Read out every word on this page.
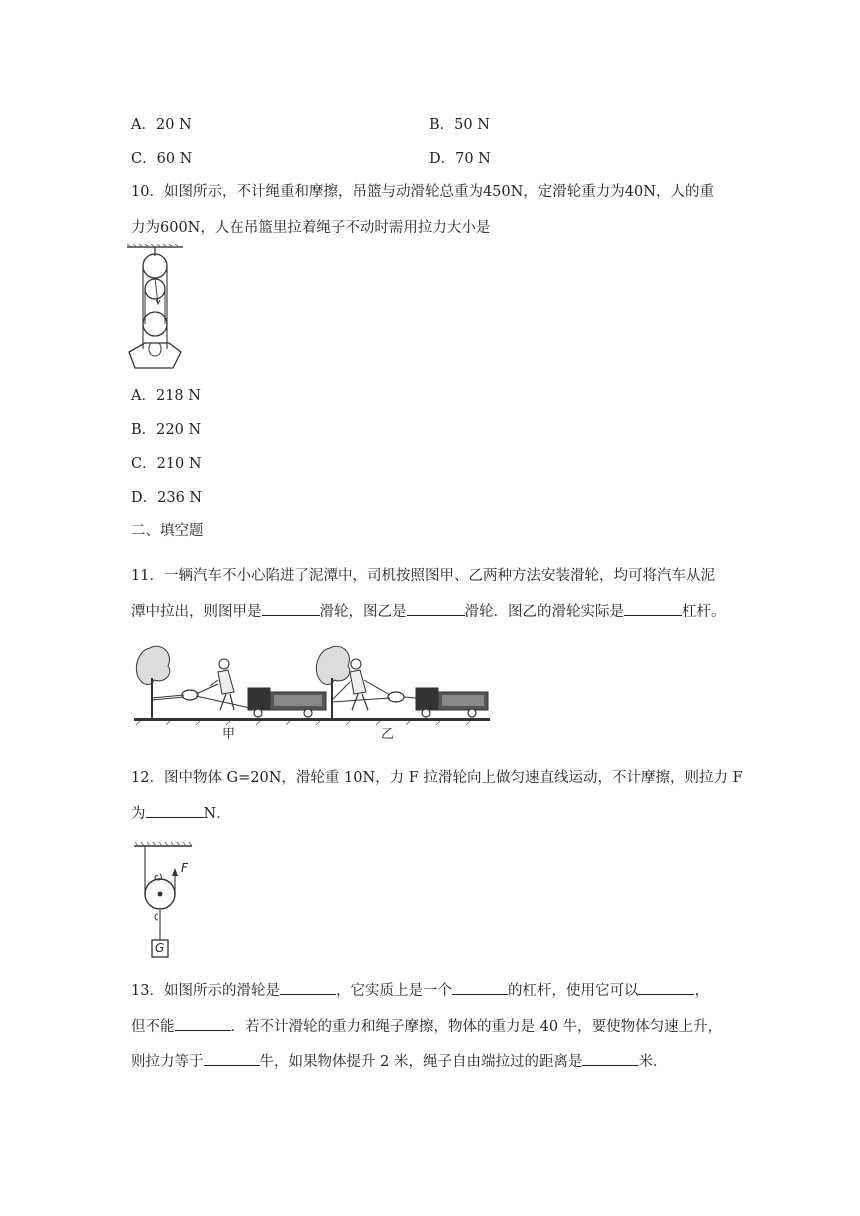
A．20 N	B．50 N
C．60 N	D．70 N
10．如图所示，不计绳重和摩擦，吊篮与动滑轮总重为450N，定滑轮重力为40N，人的重
力为600N，人在吊篮里拉着绳子不动时需用拉力大小是
A．218 N
B．220 N
C．210 N
D．236 N
二、填空题
11．一辆汽车不小心陷进了泥潭中，司机按照图甲、乙两种方法安装滑轮，均可将汽车从泥
潭中拉出，则图甲是	滑轮，图乙是	滑轮．图乙的滑轮实际是	杠杆。
甲	乙
12．图中物体 G=20N，滑轮重 10N，力 F 拉滑轮向上做匀速直线运动，不计摩擦，则拉力 F
为	N．
F
G
13．如图所示的滑轮是	，它实质上是一个	的杠杆，使用它可以	，
但不能	．若不计滑轮的重力和绳子摩擦，物体的重力是 40 牛，要使物体匀速上升，
则拉力等于	牛，如果物体提升 2 米，绳子自由端拉过的距离是	米．
